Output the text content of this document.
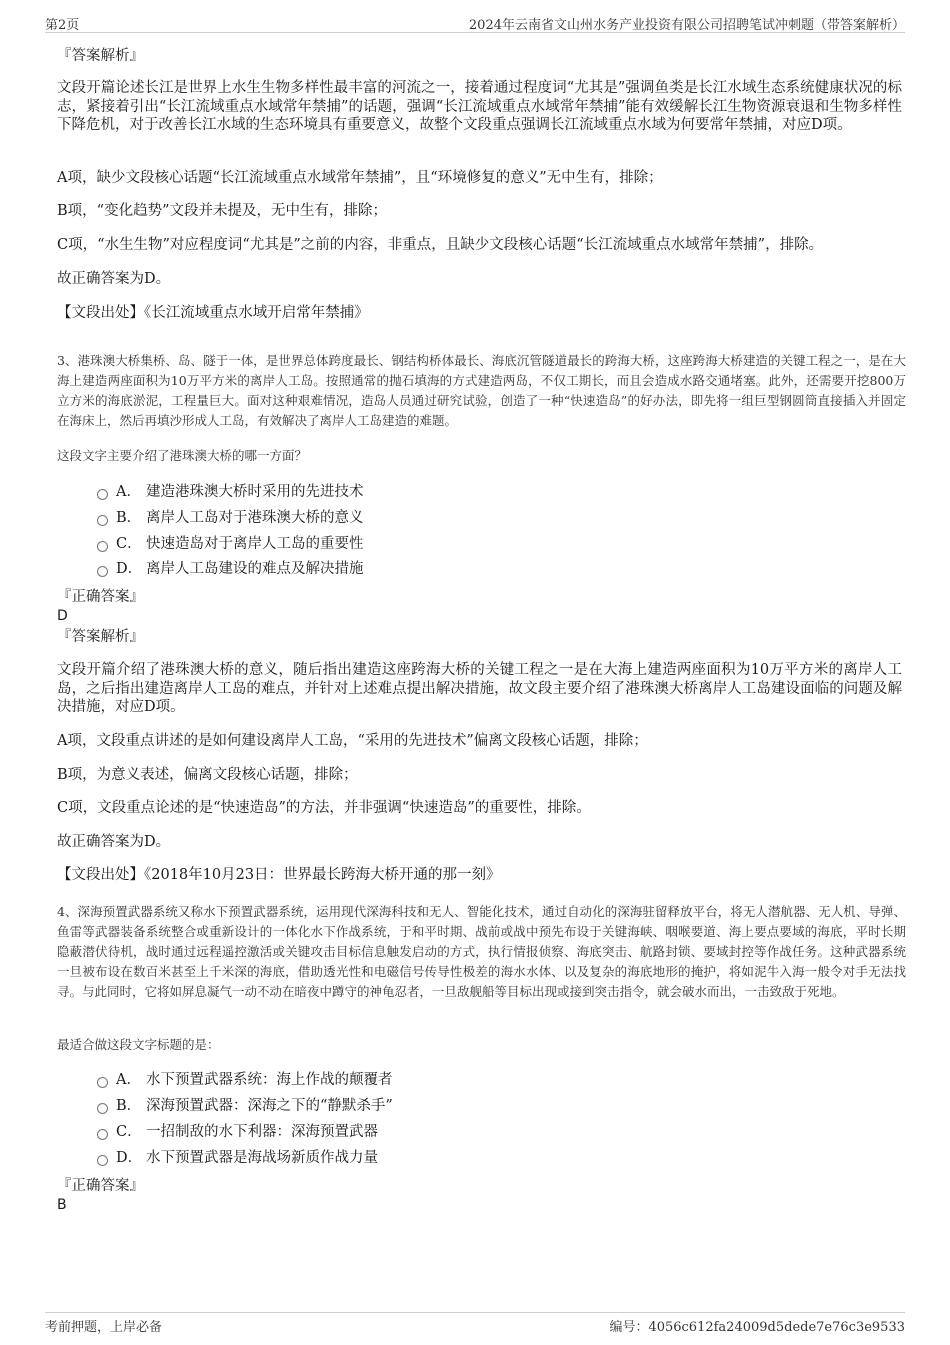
第2页	2024年云南省文山州水务产业投资有限公司招聘笔试冲刺题（带答案解析）
『答案解析』
文段开篇论述长江是世界上水生生物多样性最丰富的河流之一，接着通过程度词“尤其是”强调鱼类是长江水域生态系统健康状况的标志，紧接着引出“长江流域重点水域常年禁捕”的话题，强调“长江流域重点水域常年禁捕”能有效缓解长江生物资源衰退和生物多样性下降危机，对于改善长江水域的生态环境具有重要意义，故整个文段重点强调长江流域重点水域为何要常年禁捕，对应D项。
A项，缺少文段核心话题“长江流域重点水域常年禁捕”，且“环境修复的意义”无中生有，排除；
B项，“变化趋势”文段并未提及，无中生有，排除；
C项，“水生生物”对应程度词“尤其是”之前的内容，非重点，且缺少文段核心话题“长江流域重点水域常年禁捕”，排除。
故正确答案为D。
【文段出处】《长江流域重点水域开启常年禁捕》
3、港珠澳大桥集桥、岛、隧于一体，是世界总体跨度最长、钢结构桥体最长、海底沉管隧道最长的跨海大桥，这座跨海大桥建造的关键工程之一，是在大海上建造两座面积为10万平方米的离岸人工岛。按照通常的抛石填海的方式建造两岛，不仅工期长，而且会造成水路交通堵塞。此外，还需要开挖800万立方米的海底淤泥，工程量巨大。面对这种艰难情况，造岛人员通过研究试验，创造了一种“快速造岛”的好办法，即先将一组巨型钢圆筒直接插入并固定在海床上，然后再填沙形成人工岛，有效解决了离岸人工岛建造的难题。
这段文字主要介绍了港珠澳大桥的哪一方面？
A． 建造港珠澳大桥时采用的先进技术
B． 离岸人工岛对于港珠澳大桥的意义
C． 快速造岛对于离岸人工岛的重要性
D． 离岸人工岛建设的难点及解决措施
『正确答案』
D
『答案解析』
文段开篇介绍了港珠澳大桥的意义，随后指出建造这座跨海大桥的关键工程之一是在大海上建造两座面积为10万平方米的离岸人工岛，之后指出建造离岸人工岛的难点，并针对上述难点提出解决措施，故文段主要介绍了港珠澳大桥离岸人工岛建设面临的问题及解决措施，对应D项。
A项，文段重点讲述的是如何建设离岸人工岛，“采用的先进技术”偏离文段核心话题，排除；
B项，为意义表述，偏离文段核心话题，排除；
C项，文段重点论述的是“快速造岛”的方法，并非强调“快速造岛”的重要性，排除。
故正确答案为D。
【文段出处】《2018年10月23日：世界最长跨海大桥开通的那一刻》
4、深海预置武器系统又称水下预置武器系统，运用现代深海科技和无人、智能化技术，通过自动化的深海驻留释放平台，将无人潜航器、无人机、导弹、鱼雷等武器装备系统整合或重新设计的一体化水下作战系统，于和平时期、战前或战中预先布设于关键海峡、咽喉要道、海上要点要域的海底，平时长期隐蔽潜伏待机，战时通过远程遥控激活或关键攻击目标信息触发启动的方式，执行情报侦察、海底突击、航路封锁、要域封控等作战任务。这种武器系统一旦被布设在数百米甚至上千米深的海底，借助透光性和电磁信号传导性极差的海水水体、以及复杂的海底地形的掩护，将如泥牛入海一般令对手无法找寻。与此同时，它将如屏息凝气一动不动在暗夜中蹲守的神龟忍者，一旦敌舰船等目标出现或接到突击指令，就会破水而出，一击致敌于死地。
最适合做这段文字标题的是：
A． 水下预置武器系统：海上作战的颠覆者
B． 深海预置武器：深海之下的“静默杀手”
C． 一招制敌的水下利器：深海预置武器
D． 水下预置武器是海战场新质作战力量
『正确答案』
B
考前押题，上岸必备	编号：4056c612fa24009d5dede7e76c3e9533
